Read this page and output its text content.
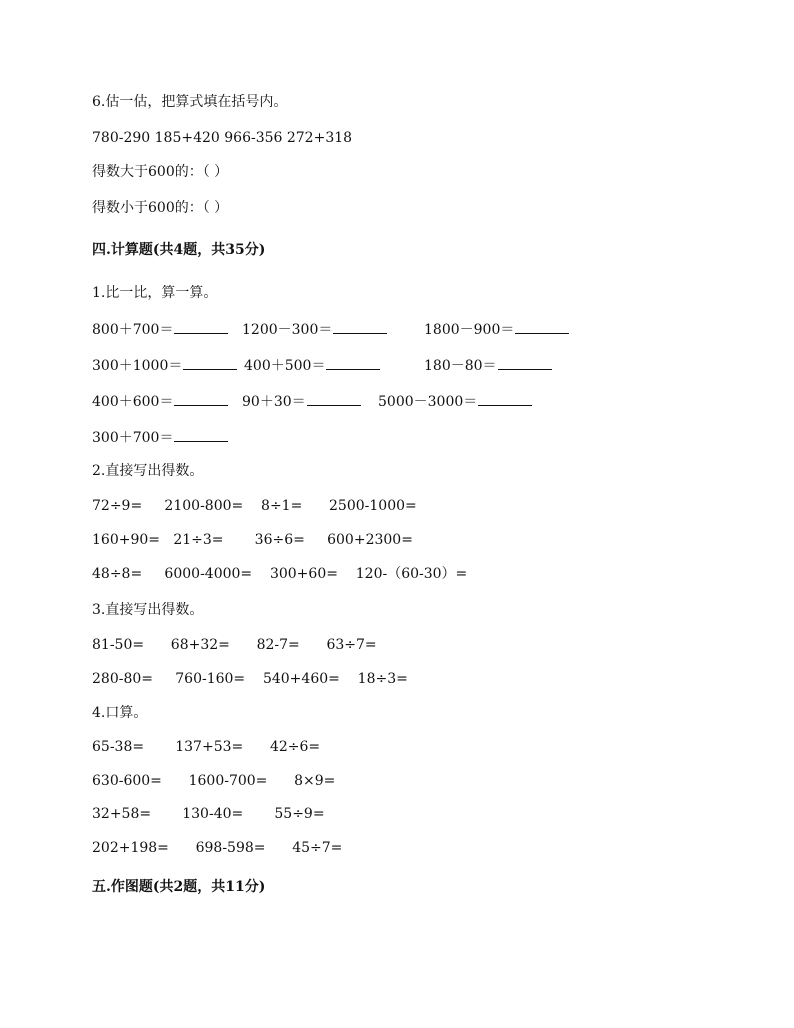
6.估一估，把算式填在括号内。
780-290 185+420 966-356 272+318
得数大于600的：（ ）
得数小于600的：（ ）
四.计算题(共4题，共35分)
1.比一比，算一算。
800＋700＝	1200－300＝	1800－900＝
300＋1000＝	400＋500＝	180－80＝
400＋600＝	90＋30＝	5000－3000＝
300＋700＝
2.直接写出得数。
72÷9=     2100-800=    8÷1=      2500-1000=
160+90=   21÷3=       36÷6=     600+2300=
48÷8=     6000-4000=    300+60=    120-（60-30）=
3.直接写出得数。
81-50=      68+32=      82-7=      63÷7=
280-80=     760-160=    540+460=    18÷3=
4.口算。
65-38=       137+53=      42÷6=
630-600=      1600-700=      8×9=
32+58=       130-40=       55÷9=
202+198=      698-598=      45÷7=
五.作图题(共2题，共11分)
